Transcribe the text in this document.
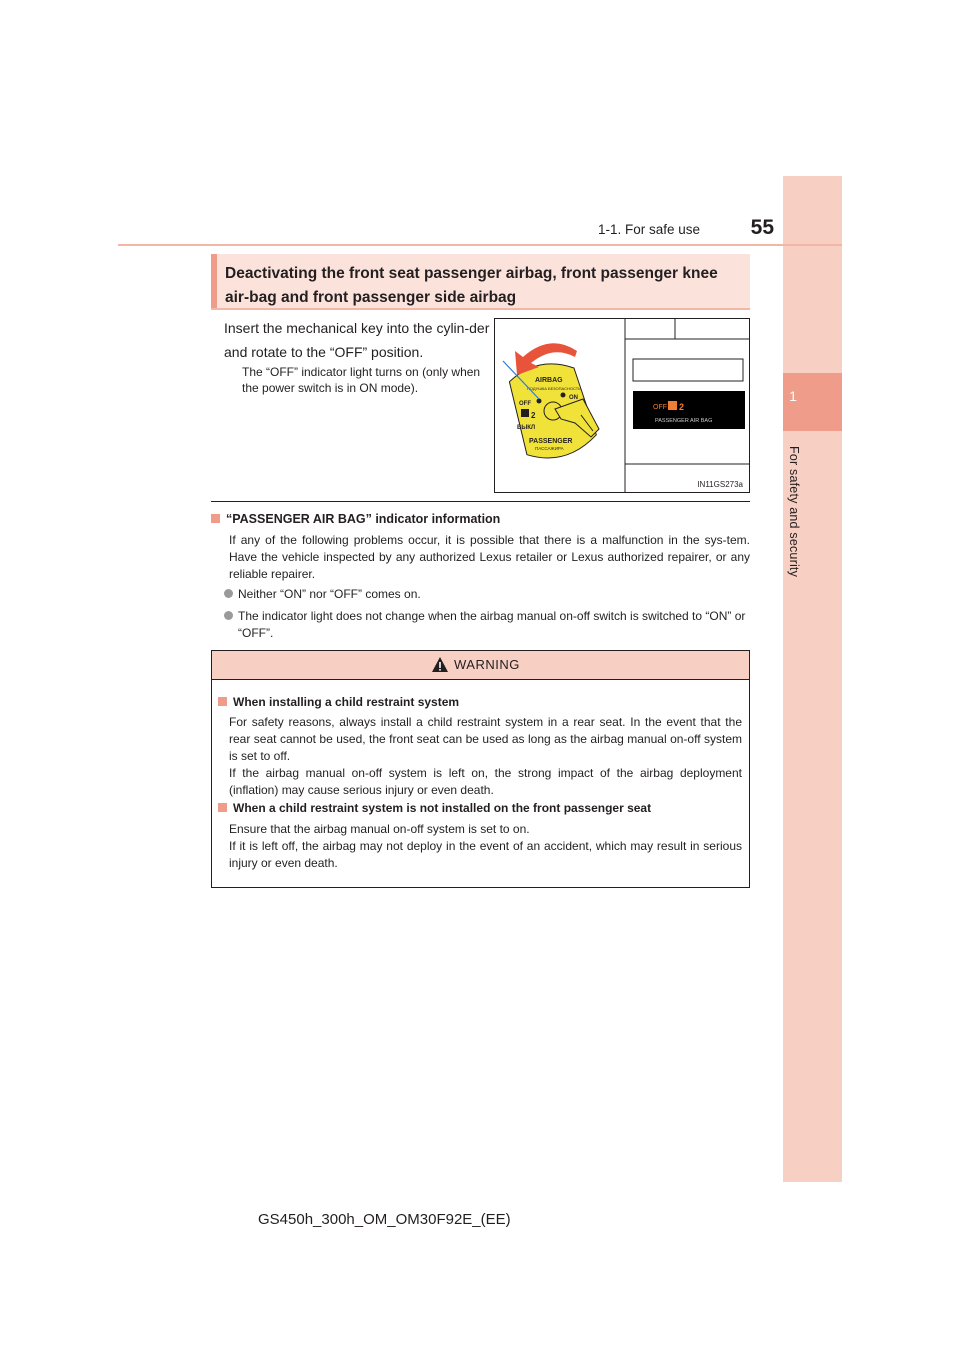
1
For safety and security
1-1. For safe use	55
Deactivating the front seat passenger airbag, front passenger knee air-bag and front passenger side airbag
Insert the mechanical key into the cylin-der and rotate to the “OFF” position.
The “OFF” indicator light turns on (only when the power switch is in ON mode).
OFF 2
PASSENGER AIR BAG
AIRBAG
ПОДУШКА БЕЗОПАСНОСТИ
OFF
ON
2
ВЫКЛ
PASSENGER
ПАССАЖИРА
IN11GS273a
“PASSENGER AIR BAG” indicator information
If any of the following problems occur, it is possible that there is a malfunction in the sys-tem. Have the vehicle inspected by any authorized Lexus retailer or Lexus authorized repairer, or any reliable repairer.
Neither “ON” nor “OFF” comes on.
The indicator light does not change when the airbag manual on-off switch is switched to “ON” or “OFF”.
WARNING
When installing a child restraint system
For safety reasons, always install a child restraint system in a rear seat. In the event that the rear seat cannot be used, the front seat can be used as long as the airbag manual on-off system is set to off.
If the airbag manual on-off system is left on, the strong impact of the airbag deployment (inflation) may cause serious injury or even death.
When a child restraint system is not installed on the front passenger seat
Ensure that the airbag manual on-off system is set to on.
If it is left off, the airbag may not deploy in the event of an accident, which may result in serious injury or even death.
GS450h_300h_OM_OM30F92E_(EE)
